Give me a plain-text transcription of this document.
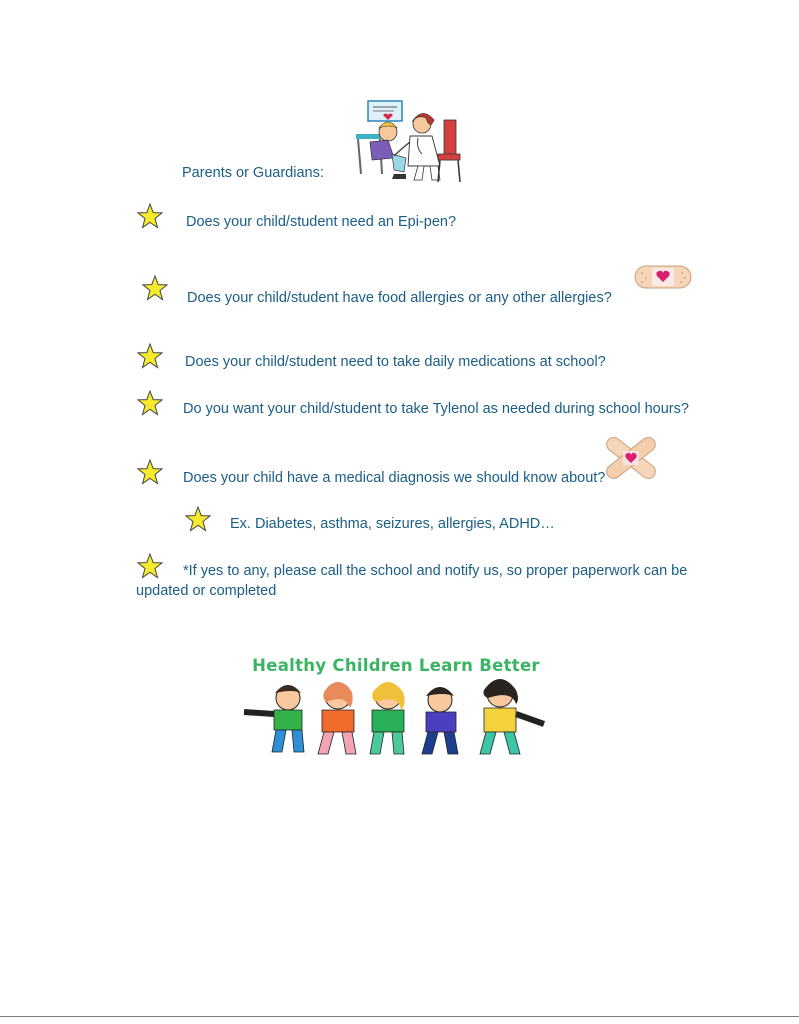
Parents or Guardians:
Does your child/student need an Epi-pen?
Does your child/student have food allergies or any other allergies?
Does your child/student need to take daily medications at school?
Do you want your child/student to take Tylenol as needed during school hours?
Does your child have a medical diagnosis we should know about?
Ex. Diabetes, asthma, seizures, allergies, ADHD…
*If yes to any, please call the school and notify us, so proper paperwork can be
updated or completed
Healthy Children Learn Better
